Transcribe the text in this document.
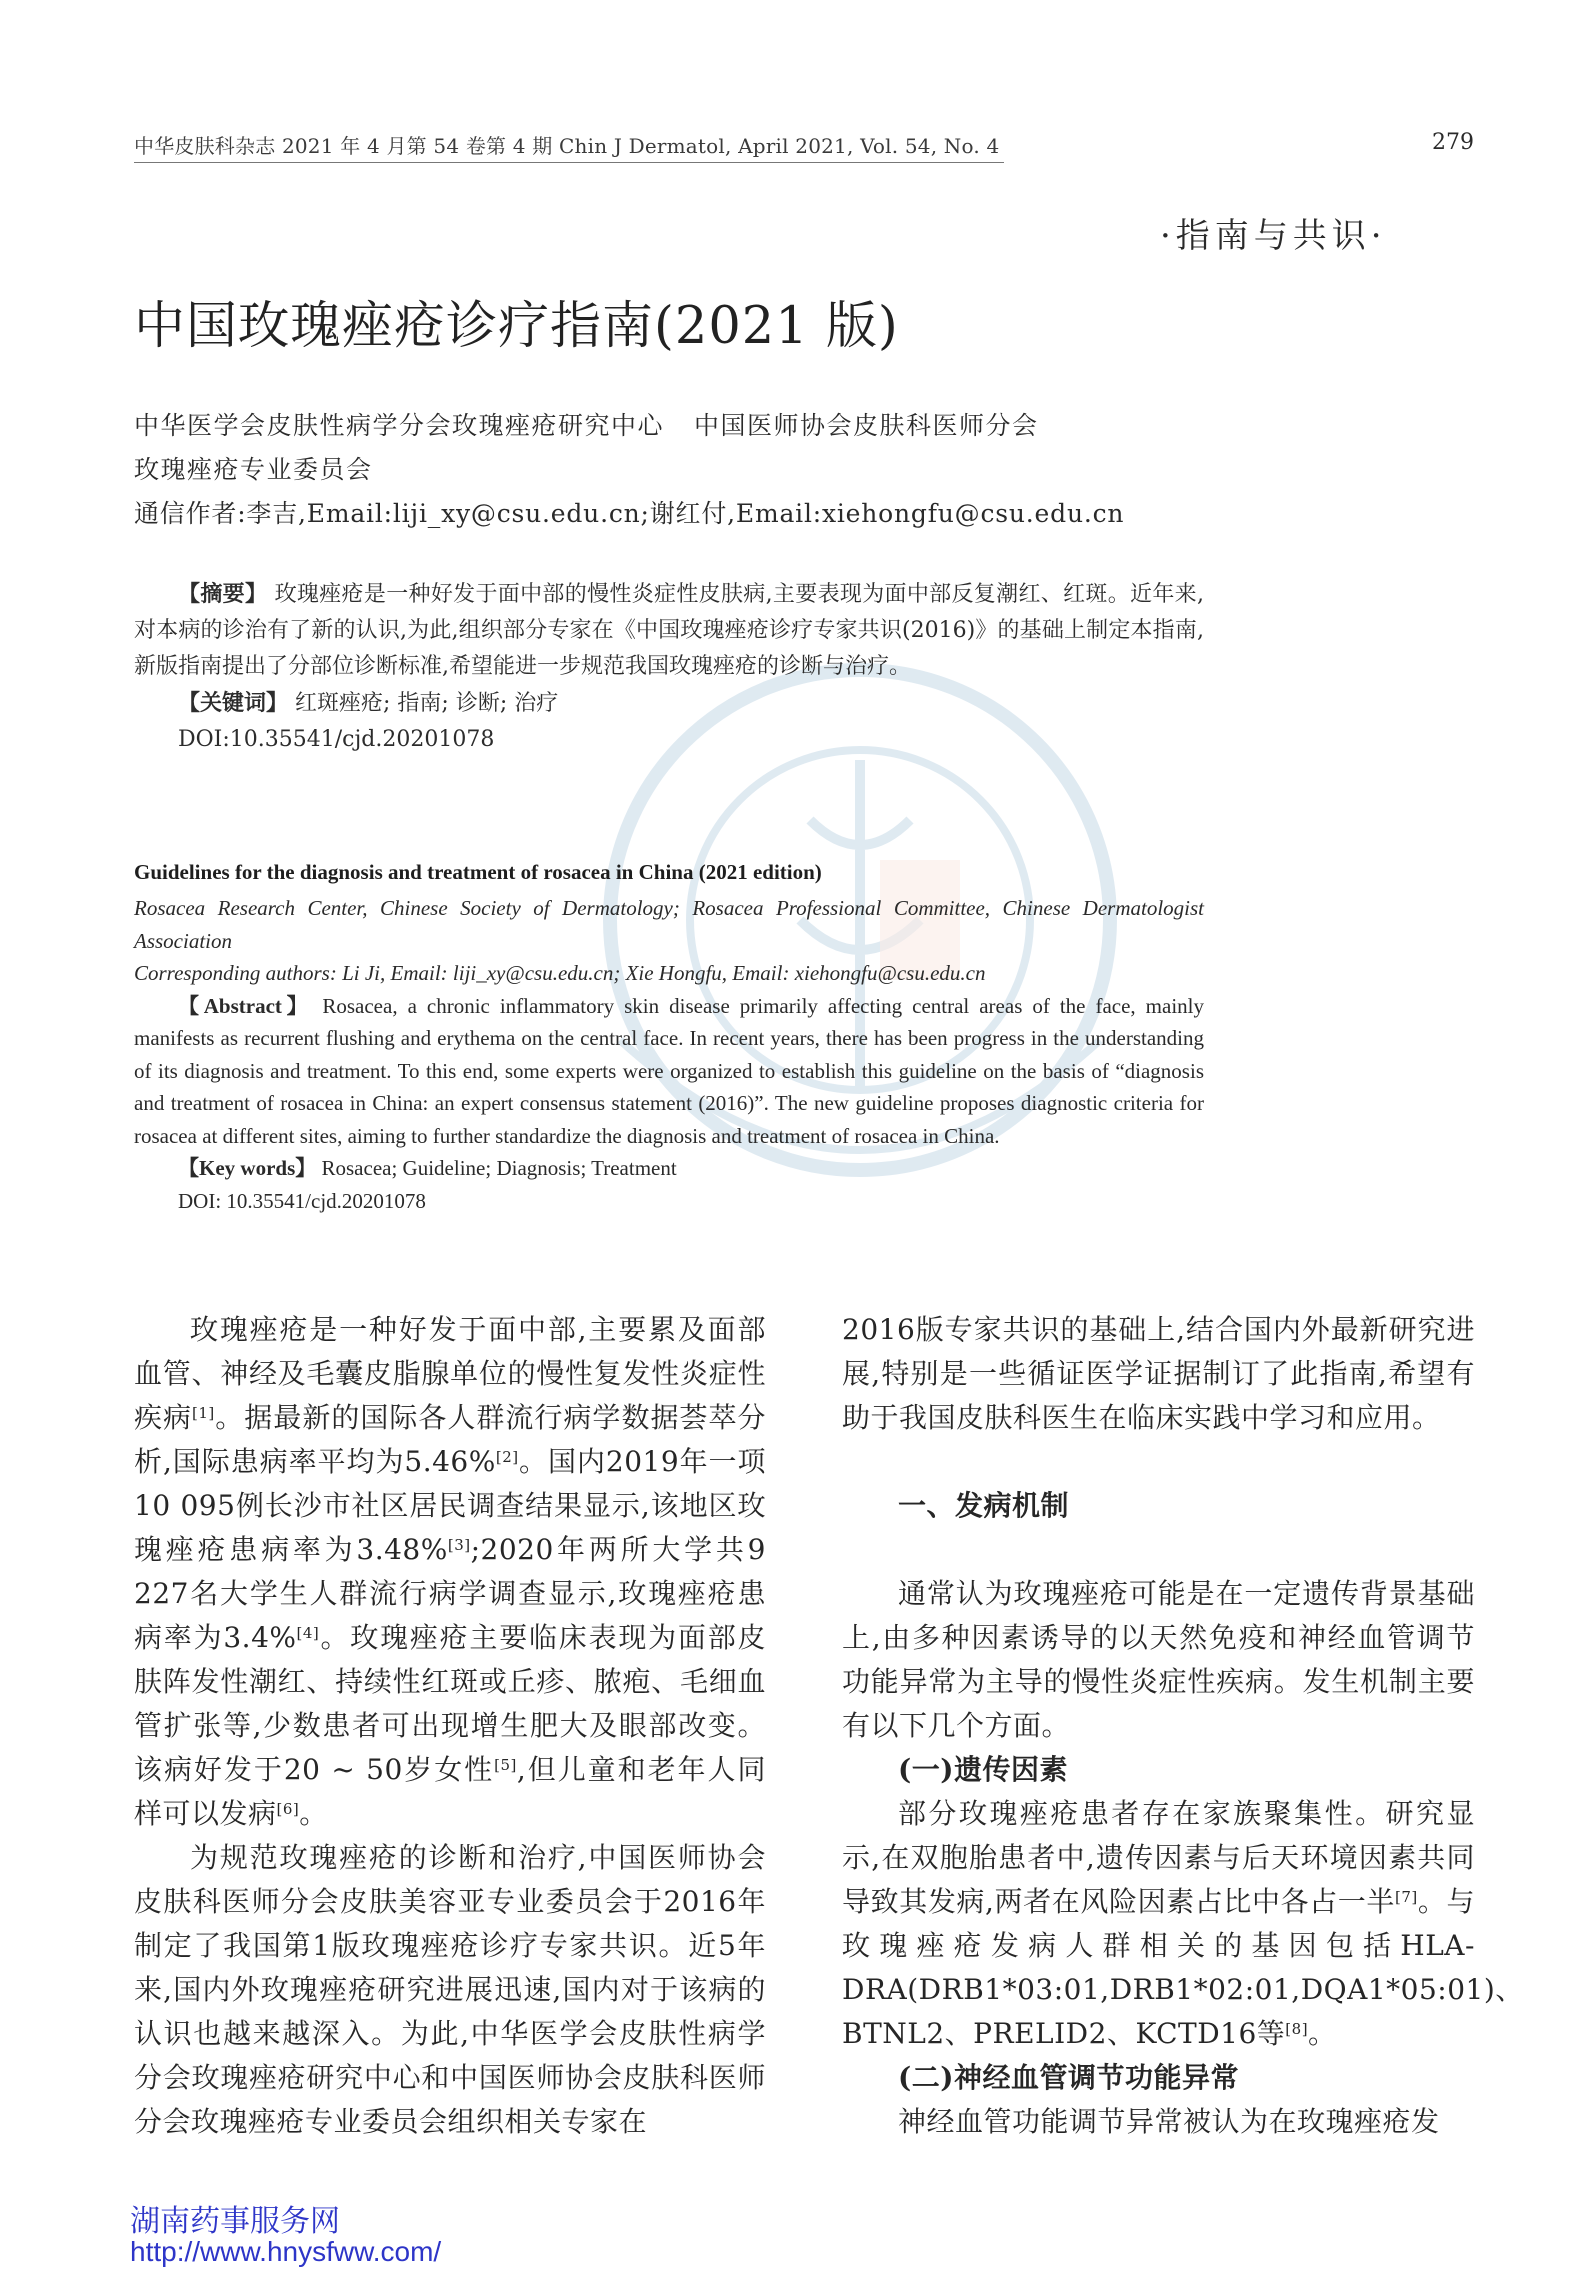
中华皮肤科杂志 2021 年 4 月第 54 卷第 4 期 Chin J Dermatol, April 2021, Vol. 54, No. 4	279
·指南与共识·
中国玫瑰痤疮诊疗指南(2021 版)
中华医学会皮肤性病学分会玫瑰痤疮研究中心 中国医师协会皮肤科医师分会
玫瑰痤疮专业委员会
通信作者:李吉,Email:liji_xy@csu.edu.cn;谢红付,Email:xiehongfu@csu.edu.cn

【摘要】 玫瑰痤疮是一种好发于面中部的慢性炎症性皮肤病,主要表现为面中部反复潮红、红斑。近年来,对本病的诊治有了新的认识,为此,组织部分专家在《中国玫瑰痤疮诊疗专家共识(2016)》的基础上制定本指南,新版指南提出了分部位诊断标准,希望能进一步规范我国玫瑰痤疮的诊断与治疗。

【关键词】 红斑痤疮; 指南; 诊断; 治疗

DOI:10.35541/cjd.20201078

Guidelines for the diagnosis and treatment of rosacea in China (2021 edition)

Rosacea Research Center, Chinese Society of Dermatology; Rosacea Professional Committee, Chinese Dermatologist Association

Corresponding authors: Li Ji, Email: liji_xy@csu.edu.cn; Xie Hongfu, Email: xiehongfu@csu.edu.cn

【Abstract】 Rosacea, a chronic inflammatory skin disease primarily affecting central areas of the face, mainly manifests as recurrent flushing and erythema on the central face. In recent years, there has been progress in the understanding of its diagnosis and treatment. To this end, some experts were organized to establish this guideline on the basis of “diagnosis and treatment of rosacea in China: an expert consensus statement (2016)”. The new guideline proposes diagnostic criteria for rosacea at different sites, aiming to further standardize the diagnosis and treatment of rosacea in China.

【Key words】 Rosacea; Guideline; Diagnosis; Treatment

DOI: 10.35541/cjd.20201078

玫瑰痤疮是一种好发于面中部,主要累及面部血管、神经及毛囊皮脂腺单位的慢性复发性炎症性疾病[1]。据最新的国际各人群流行病学数据荟萃分析,国际患病率平均为5.46%[2]。国内2019年一项10 095例长沙市社区居民调查结果显示,该地区玫瑰痤疮患病率为3.48%[3];2020年两所大学共9 227名大学生人群流行病学调查显示,玫瑰痤疮患病率为3.4%[4]。玫瑰痤疮主要临床表现为面部皮肤阵发性潮红、持续性红斑或丘疹、脓疱、毛细血管扩张等,少数患者可出现增生肥大及眼部改变。该病好发于20 ~ 50岁女性[5],但儿童和老年人同样可以发病[6]。

为规范玫瑰痤疮的诊断和治疗,中国医师协会皮肤科医师分会皮肤美容亚专业委员会于2016年制定了我国第1版玫瑰痤疮诊疗专家共识。近5年来,国内外玫瑰痤疮研究进展迅速,国内对于该病的认识也越来越深入。为此,中华医学会皮肤性病学分会玫瑰痤疮研究中心和中国医师协会皮肤科医师分会玫瑰痤疮专业委员会组织相关专家在

2016版专家共识的基础上,结合国内外最新研究进展,特别是一些循证医学证据制订了此指南,希望有助于我国皮肤科医生在临床实践中学习和应用。

一、发病机制

通常认为玫瑰痤疮可能是在一定遗传背景基础上,由多种因素诱导的以天然免疫和神经血管调节功能异常为主导的慢性炎症性疾病。发生机制主要有以下几个方面。

(一)遗传因素

部分玫瑰痤疮患者存在家族聚集性。研究显示,在双胞胎患者中,遗传因素与后天环境因素共同导致其发病,两者在风险因素占比中各占一半[7]。与玫瑰痤疮发病人群相关的基因包括HLA-DRA(DRB1*03:01,DRB1*02:01,DQA1*05:01)、BTNL2、PRELID2、KCTD16等[8]。

(二)神经血管调节功能异常

神经血管功能调节异常被认为在玫瑰痤疮发

湖南药事服务网
http://www.hnysfww.com/
